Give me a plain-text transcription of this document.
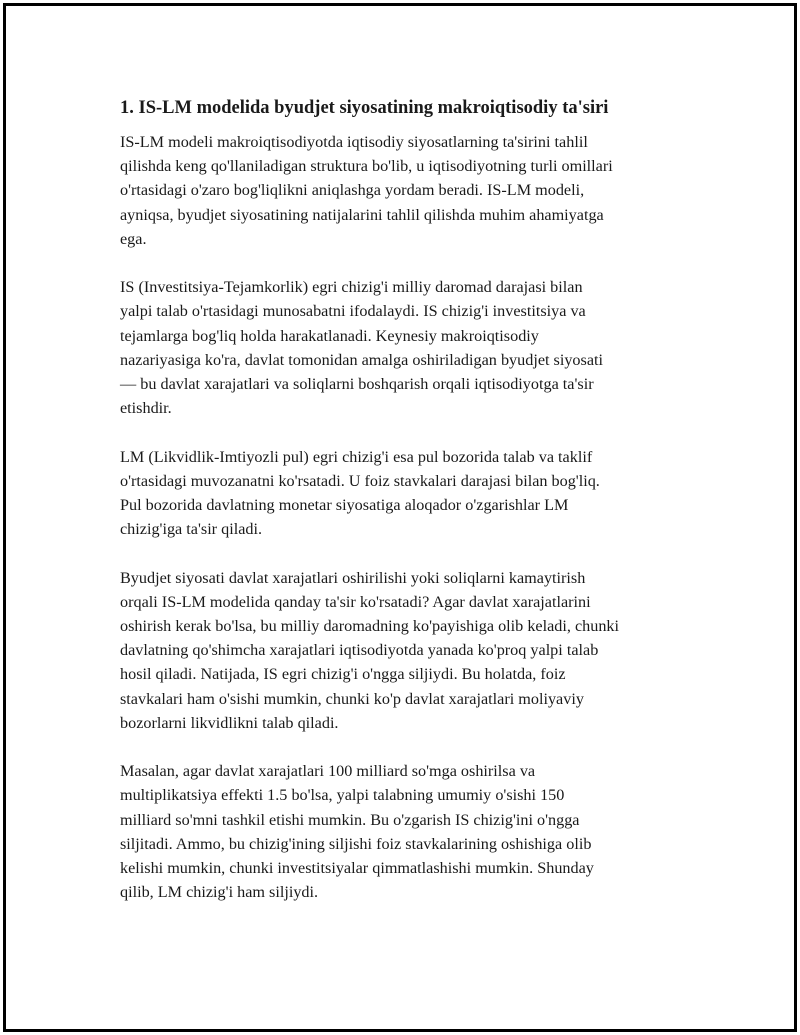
1. IS-LM modelida byudjet siyosatining makroiqtisodiy ta'siri

IS-LM modeli makroiqtisodiyotda iqtisodiy siyosatlarning ta'sirini tahlil
qilishda keng qo'llaniladigan struktura bo'lib, u iqtisodiyotning turli omillari
o'rtasidagi o'zaro bog'liqlikni aniqlashga yordam beradi. IS-LM modeli,
ayniqsa, byudjet siyosatining natijalarini tahlil qilishda muhim ahamiyatga
ega.

IS (Investitsiya-Tejamkorlik) egri chizig'i milliy daromad darajasi bilan
yalpi talab o'rtasidagi munosabatni ifodalaydi. IS chizig'i investitsiya va
tejamlarga bog'liq holda harakatlanadi. Keynesiy makroiqtisodiy
nazariyasiga ko'ra, davlat tomonidan amalga oshiriladigan byudjet siyosati
— bu davlat xarajatlari va soliqlarni boshqarish orqali iqtisodiyotga ta'sir
etishdir.

LM (Likvidlik-Imtiyozli pul) egri chizig'i esa pul bozorida talab va taklif
o'rtasidagi muvozanatni ko'rsatadi. U foiz stavkalari darajasi bilan bog'liq.
Pul bozorida davlatning monetar siyosatiga aloqador o'zgarishlar LM
chizig'iga ta'sir qiladi.

Byudjet siyosati davlat xarajatlari oshirilishi yoki soliqlarni kamaytirish
orqali IS-LM modelida qanday ta'sir ko'rsatadi? Agar davlat xarajatlarini
oshirish kerak bo'lsa, bu milliy daromadning ko'payishiga olib keladi, chunki
davlatning qo'shimcha xarajatlari iqtisodiyotda yanada ko'proq yalpi talab
hosil qiladi. Natijada, IS egri chizig'i o'ngga siljiydi. Bu holatda, foiz
stavkalari ham o'sishi mumkin, chunki ko'p davlat xarajatlari moliyaviy
bozorlarni likvidlikni talab qiladi.

Masalan, agar davlat xarajatlari 100 milliard so'mga oshirilsa va
multiplikatsiya effekti 1.5 bo'lsa, yalpi talabning umumiy o'sishi 150
milliard so'mni tashkil etishi mumkin. Bu o'zgarish IS chizig'ini o'ngga
siljitadi. Ammo, bu chizig'ining siljishi foiz stavkalarining oshishiga olib
kelishi mumkin, chunki investitsiyalar qimmatlashishi mumkin. Shunday
qilib, LM chizig'i ham siljiydi.
